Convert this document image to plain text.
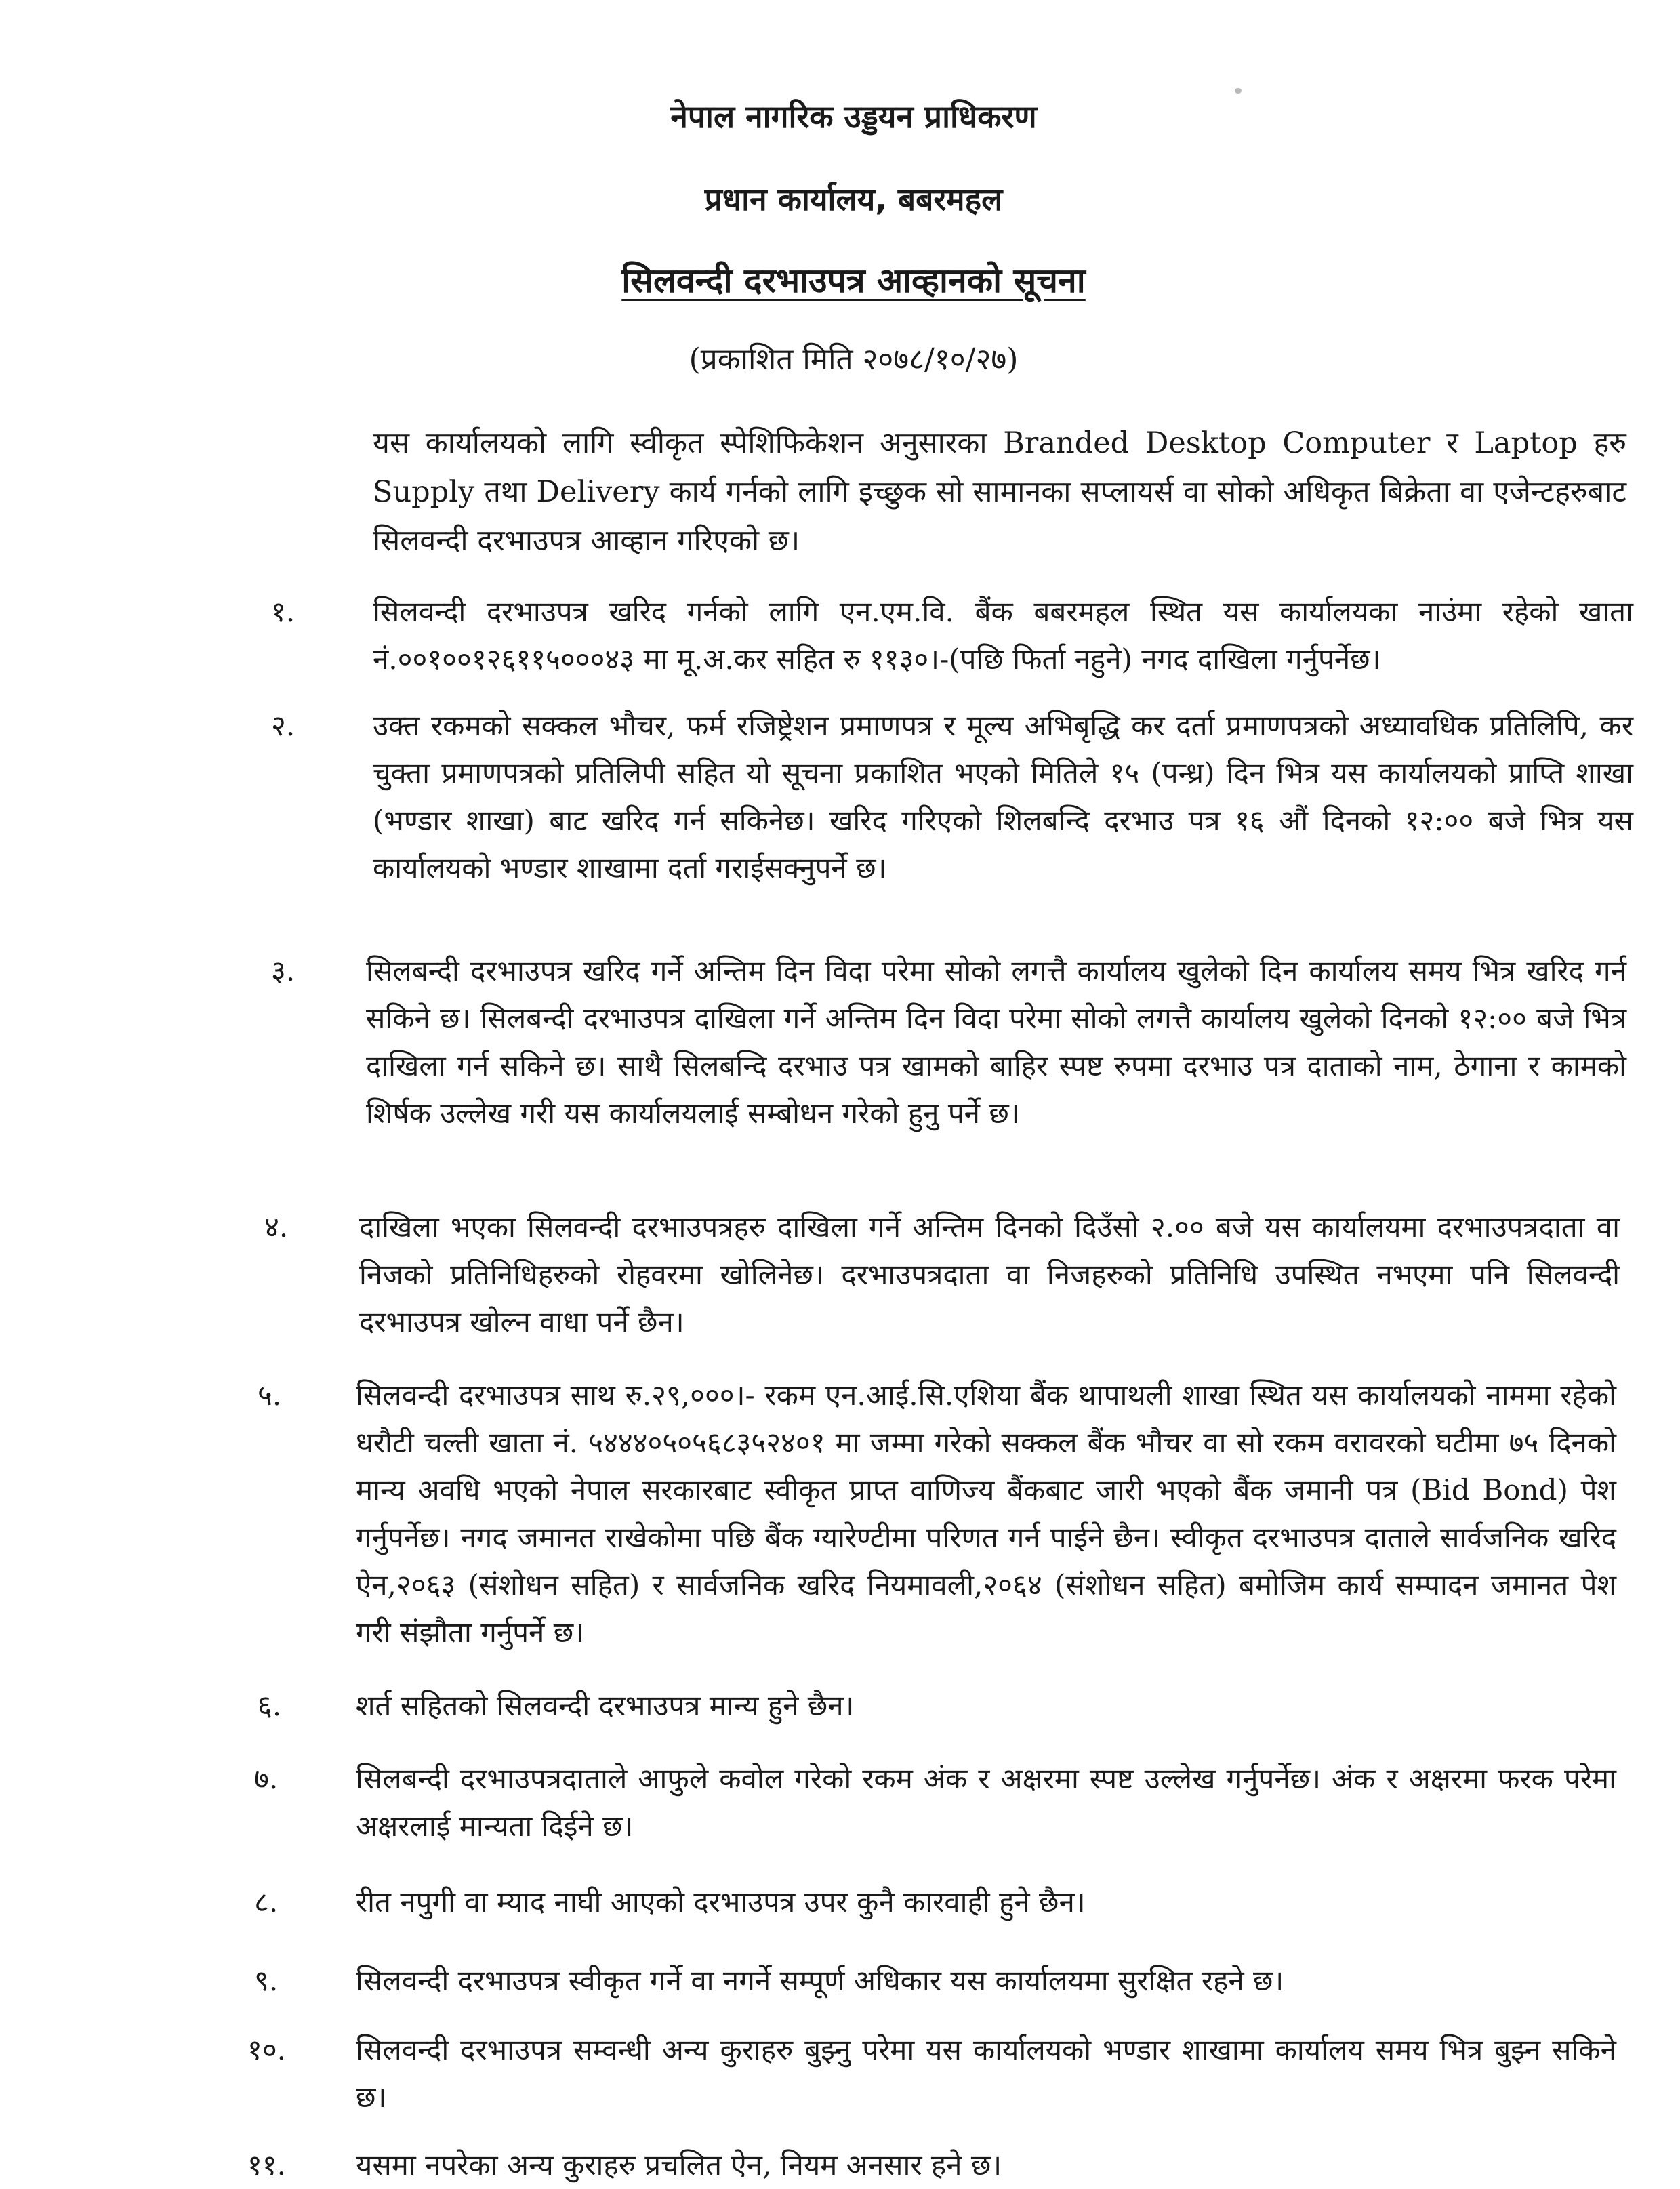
नेपाल नागरिक उड्डयन प्राधिकरण
प्रधान कार्यालय, बबरमहल
सिलवन्दी दरभाउपत्र आव्हानको सूचना
(प्रकाशित मिति २०७८/१०/२७)
यस कार्यालयको लागि स्वीकृत स्पेशिफिकेशन अनुसारका Branded Desktop Computer र Laptop हरु Supply तथा Delivery कार्य गर्नको लागि इच्छुक सो सामानका सप्लायर्स वा सोको अधिकृत बिक्रेता वा एजेन्टहरुबाट सिलवन्दी दरभाउपत्र आव्हान गरिएको छ।
१.	सिलवन्दी दरभाउपत्र खरिद गर्नको लागि एन.एम.वि. बैंक बबरमहल स्थित यस कार्यालयका नाउंमा रहेको खाता नं.००१००१२६११५०००४३ मा मू.अ.कर सहित रु ११३०।-(पछि फिर्ता नहुने) नगद दाखिला गर्नुपर्नेछ।
२.	उक्त रकमको सक्कल भौचर, फर्म रजिष्ट्रेशन प्रमाणपत्र र मूल्य अभिबृद्धि कर दर्ता प्रमाणपत्रको अध्यावधिक प्रतिलिपि, कर चुक्ता प्रमाणपत्रको प्रतिलिपी सहित यो सूचना प्रकाशित भएको मितिले १५ (पन्ध्र) दिन भित्र यस कार्यालयको प्राप्ति शाखा (भण्डार शाखा) बाट खरिद गर्न सकिनेछ। खरिद गरिएको शिलबन्दि दरभाउ पत्र १६ औं दिनको १२:०० बजे भित्र यस कार्यालयको भण्डार शाखामा दर्ता गराईसक्नुपर्ने छ।
३.	सिलबन्दी दरभाउपत्र खरिद गर्ने अन्तिम दिन विदा परेमा सोको लगत्तै कार्यालय खुलेको दिन कार्यालय समय भित्र खरिद गर्न सकिने छ। सिलबन्दी दरभाउपत्र दाखिला गर्ने अन्तिम दिन विदा परेमा सोको लगत्तै कार्यालय खुलेको दिनको १२:०० बजे भित्र दाखिला गर्न सकिने छ। साथै सिलबन्दि दरभाउ पत्र खामको बाहिर स्पष्ट रुपमा दरभाउ पत्र दाताको नाम, ठेगाना र कामको शिर्षक उल्लेख गरी यस कार्यालयलाई सम्बोधन गरेको हुनु पर्ने छ।
४.	दाखिला भएका सिलवन्दी दरभाउपत्रहरु दाखिला गर्ने अन्तिम दिनको दिउँसो २.०० बजे यस कार्यालयमा दरभाउपत्रदाता वा निजको प्रतिनिधिहरुको रोहवरमा खोलिनेछ। दरभाउपत्रदाता वा निजहरुको प्रतिनिधि उपस्थित नभएमा पनि सिलवन्दी दरभाउपत्र खोल्न वाधा पर्ने छैन।
५.	सिलवन्दी दरभाउपत्र साथ रु.२९,०००।- रकम एन.आई.सि.एशिया बैंक थापाथली शाखा स्थित यस कार्यालयको नाममा रहेको धरौटी चल्ती खाता नं. ५४४४०५०५६८३५२४०१ मा जम्मा गरेको सक्कल बैंक भौचर वा सो रकम वरावरको घटीमा ७५ दिनको मान्य अवधि भएको नेपाल सरकारबाट स्वीकृत प्राप्त वाणिज्य बैंकबाट जारी भएको बैंक जमानी पत्र (Bid Bond) पेश गर्नुपर्नेछ। नगद जमानत राखेकोमा पछि बैंक ग्यारेण्टीमा परिणत गर्न पाईने छैन। स्वीकृत दरभाउपत्र दाताले सार्वजनिक खरिद ऐन,२०६३ (संशोधन सहित) र सार्वजनिक खरिद नियमावली,२०६४ (संशोधन सहित) बमोजिम कार्य सम्पादन जमानत पेश गरी संझौता गर्नुपर्ने छ।
६.	शर्त सहितको सिलवन्दी दरभाउपत्र मान्य हुने छैन।
७.	सिलबन्दी दरभाउपत्रदाताले आफुले कवोल गरेको रकम अंक र अक्षरमा स्पष्ट उल्लेख गर्नुपर्नेछ। अंक र अक्षरमा फरक परेमा अक्षरलाई मान्यता दिईने छ।
८.	रीत नपुगी वा म्याद नाघी आएको दरभाउपत्र उपर कुनै कारवाही हुने छैन।
९.	सिलवन्दी दरभाउपत्र स्वीकृत गर्ने वा नगर्ने सम्पूर्ण अधिकार यस कार्यालयमा सुरक्षित रहने छ।
१०.	सिलवन्दी दरभाउपत्र सम्वन्धी अन्य कुराहरु बुझ्नु परेमा यस कार्यालयको भण्डार शाखामा कार्यालय समय भित्र बुझ्न सकिने छ।
११.	यसमा नपरेका अन्य कुराहरु प्रचलित ऐन, नियम अनसार हने छ।
